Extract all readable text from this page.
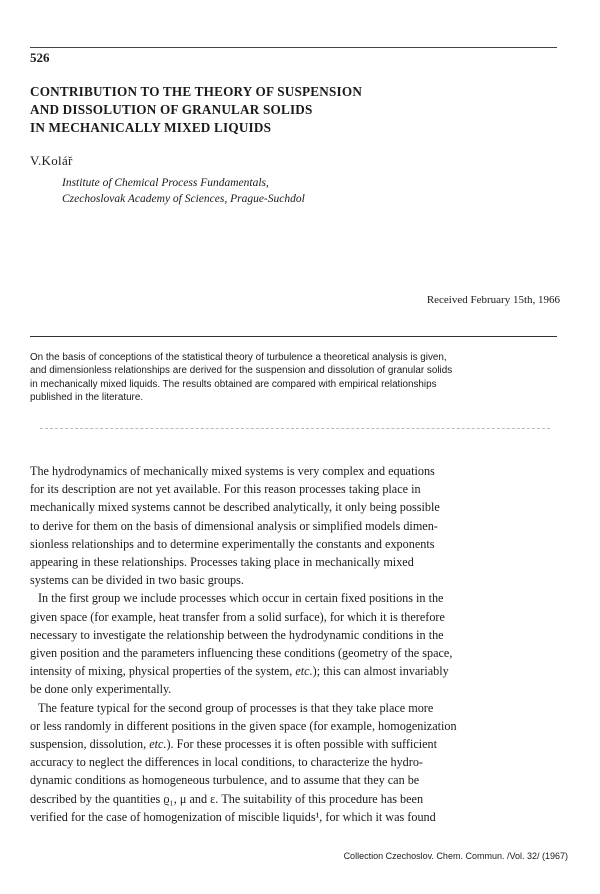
526
CONTRIBUTION TO THE THEORY OF SUSPENSION
AND DISSOLUTION OF GRANULAR SOLIDS
IN MECHANICALLY MIXED LIQUIDS
V.Kolář
Institute of Chemical Process Fundamentals,
Czechoslovak Academy of Sciences, Prague-Suchdol
Received February 15th, 1966
On the basis of conceptions of the statistical theory of turbulence a theoretical analysis is given,
and dimensionless relationships are derived for the suspension and dissolution of granular solids
in mechanically mixed liquids. The results obtained are compared with empirical relationships
published in the literature.

The hydrodynamics of mechanically mixed systems is very complex and equations
for its description are not yet available. For this reason processes taking place in
mechanically mixed systems cannot be described analytically, it only being possible
to derive for them on the basis of dimensional analysis or simplified models dimen-
sionless relationships and to determine experimentally the constants and exponents
appearing in these relationships. Processes taking place in mechanically mixed
systems can be divided in two basic groups.

In the first group we include processes which occur in certain fixed positions in the
given space (for example, heat transfer from a solid surface), for which it is therefore
necessary to investigate the relationship between the hydrodynamic conditions in the
given position and the parameters influencing these conditions (geometry of the space,
intensity of mixing, physical properties of the system, etc.); this can almost invariably
be done only experimentally.

The feature typical for the second group of processes is that they take place more
or less randomly in different positions in the given space (for example, homogenization
suspension, dissolution, etc.). For these processes it is often possible with sufficient
accuracy to neglect the differences in local conditions, to characterize the hydro-
dynamic conditions as homogeneous turbulence, and to assume that they can be
described by the quantities ϱ₁, μ and ε. The suitability of this procedure has been
verified for the case of homogenization of miscible liquids¹, for which it was found

Collection Czechoslov. Chem. Commun. /Vol. 32/ (1967)
